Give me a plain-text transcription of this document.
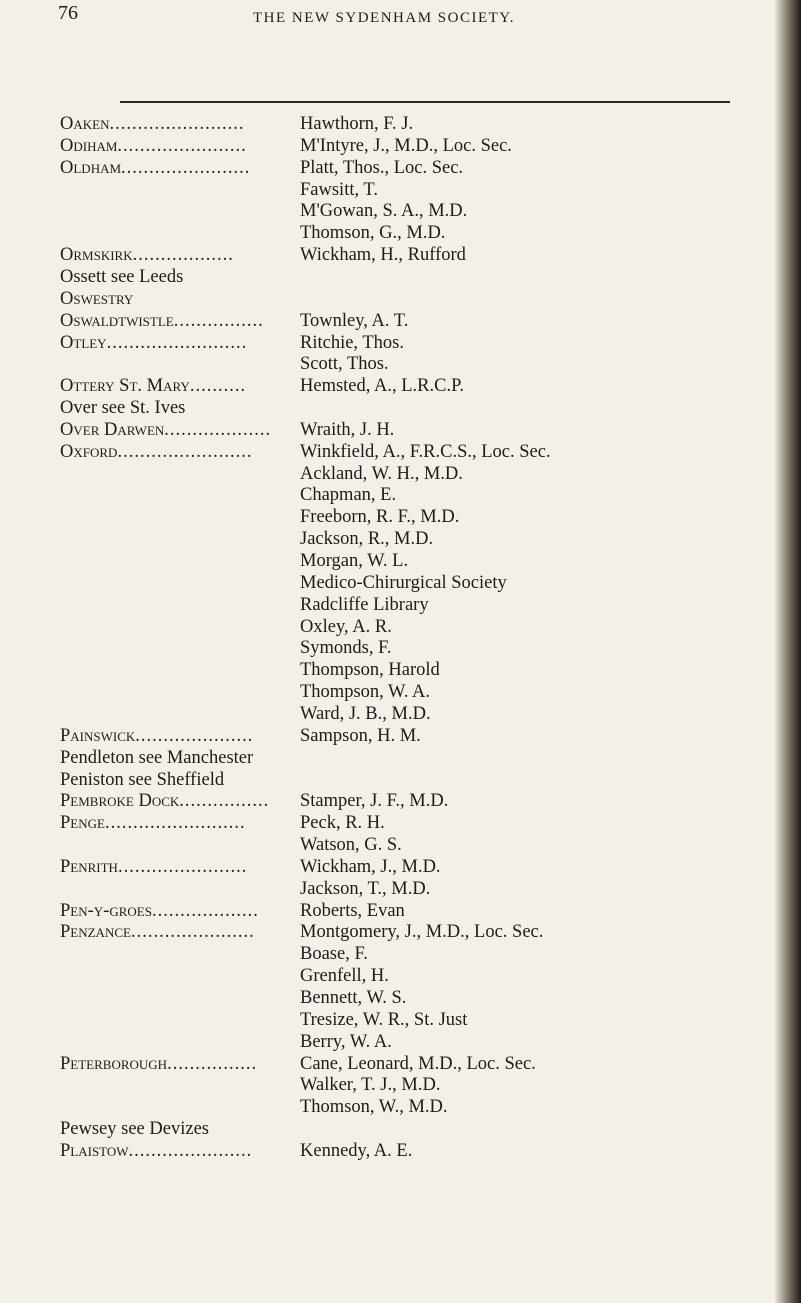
76	THE NEW SYDENHAM SOCIETY.
Oaken........................
Odiham.......................
Oldham.......................
Ormskirk..................
Ossett see Leeds
Oswestry
Oswaldtwistle................
Otley.........................
Ottery St. Mary..........
Over see St. Ives
Over Darwen...................
Oxford........................
Painswick.....................
Pendleton see Manchester
Peniston see Sheffield
Pembroke Dock................
Penge.........................
Penrith.......................
Pen-y-groes...................
Penzance......................
Peterborough................
Pewsey see Devizes
Plaistow......................
Hawthorn, F. J.
M'Intyre, J., M.D., Loc. Sec.
Platt, Thos., Loc. Sec.
Fawsitt, T.
M'Gowan, S. A., M.D.
Thomson, G., M.D.
Wickham, H., Rufford
Townley, A. T.
Ritchie, Thos.
Scott, Thos.
Hemsted, A., L.R.C.P.
Wraith, J. H.
Winkfield, A., F.R.C.S., Loc. Sec.
Ackland, W. H., M.D.
Chapman, E.
Freeborn, R. F., M.D.
Jackson, R., M.D.
Morgan, W. L.
Medico-Chirurgical Society
Radcliffe Library
Oxley, A. R.
Symonds, F.
Thompson, Harold
Thompson, W. A.
Ward, J. B., M.D.
Sampson, H. M.
Stamper, J. F., M.D.
Peck, R. H.
Watson, G. S.
Wickham, J., M.D.
Jackson, T., M.D.
Roberts, Evan
Montgomery, J., M.D., Loc. Sec.
Boase, F.
Grenfell, H.
Bennett, W. S.
Tresize, W. R., St. Just
Berry, W. A.
Cane, Leonard, M.D., Loc. Sec.
Walker, T. J., M.D.
Thomson, W., M.D.
Kennedy, A. E.
